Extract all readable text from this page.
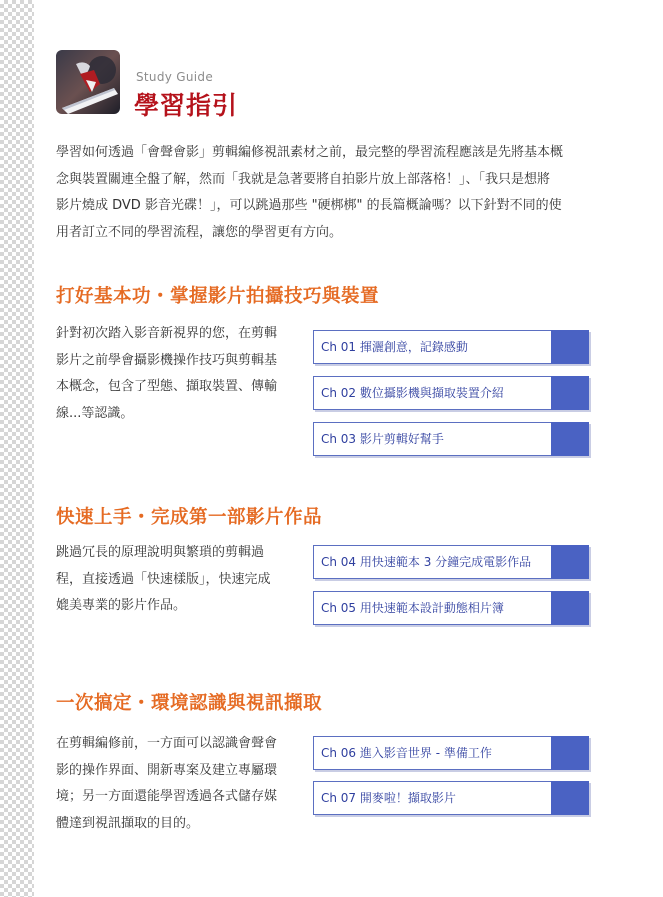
Study Guide
學習指引
學習如何透過「會聲會影」剪輯編修視訊素材之前，最完整的學習流程應該是先將基本概
念與裝置關連全盤了解，然而「我就是急著要將自拍影片放上部落格！」、「我只是想將
影片燒成 DVD 影音光碟！」，可以跳過那些 "硬梆梆" 的長篇概論嗎？以下針對不同的使
用者訂立不同的學習流程，讓您的學習更有方向。
打好基本功・掌握影片拍攝技巧與裝置
針對初次踏入影音新視界的您，在剪輯
影片之前學會攝影機操作技巧與剪輯基
本概念，包含了型態、擷取裝置、傳輸
線...等認識。
Ch 01 揮灑創意，記錄感動
Ch 02 數位攝影機與擷取裝置介紹
Ch 03 影片剪輯好幫手
快速上手・完成第一部影片作品
跳過冗長的原理說明與繁瑣的剪輯過
程，直接透過「快速樣版」，快速完成
媲美專業的影片作品。
Ch 04 用快速範本 3 分鐘完成電影作品
Ch 05 用快速範本設計動態相片簿
一次搞定・環境認識與視訊擷取
在剪輯編修前，一方面可以認識會聲會
影的操作界面、開新專案及建立專屬環
境；另一方面還能學習透過各式儲存媒
體達到視訊擷取的目的。
Ch 06 進入影音世界 - 準備工作
Ch 07 開麥啦！擷取影片
